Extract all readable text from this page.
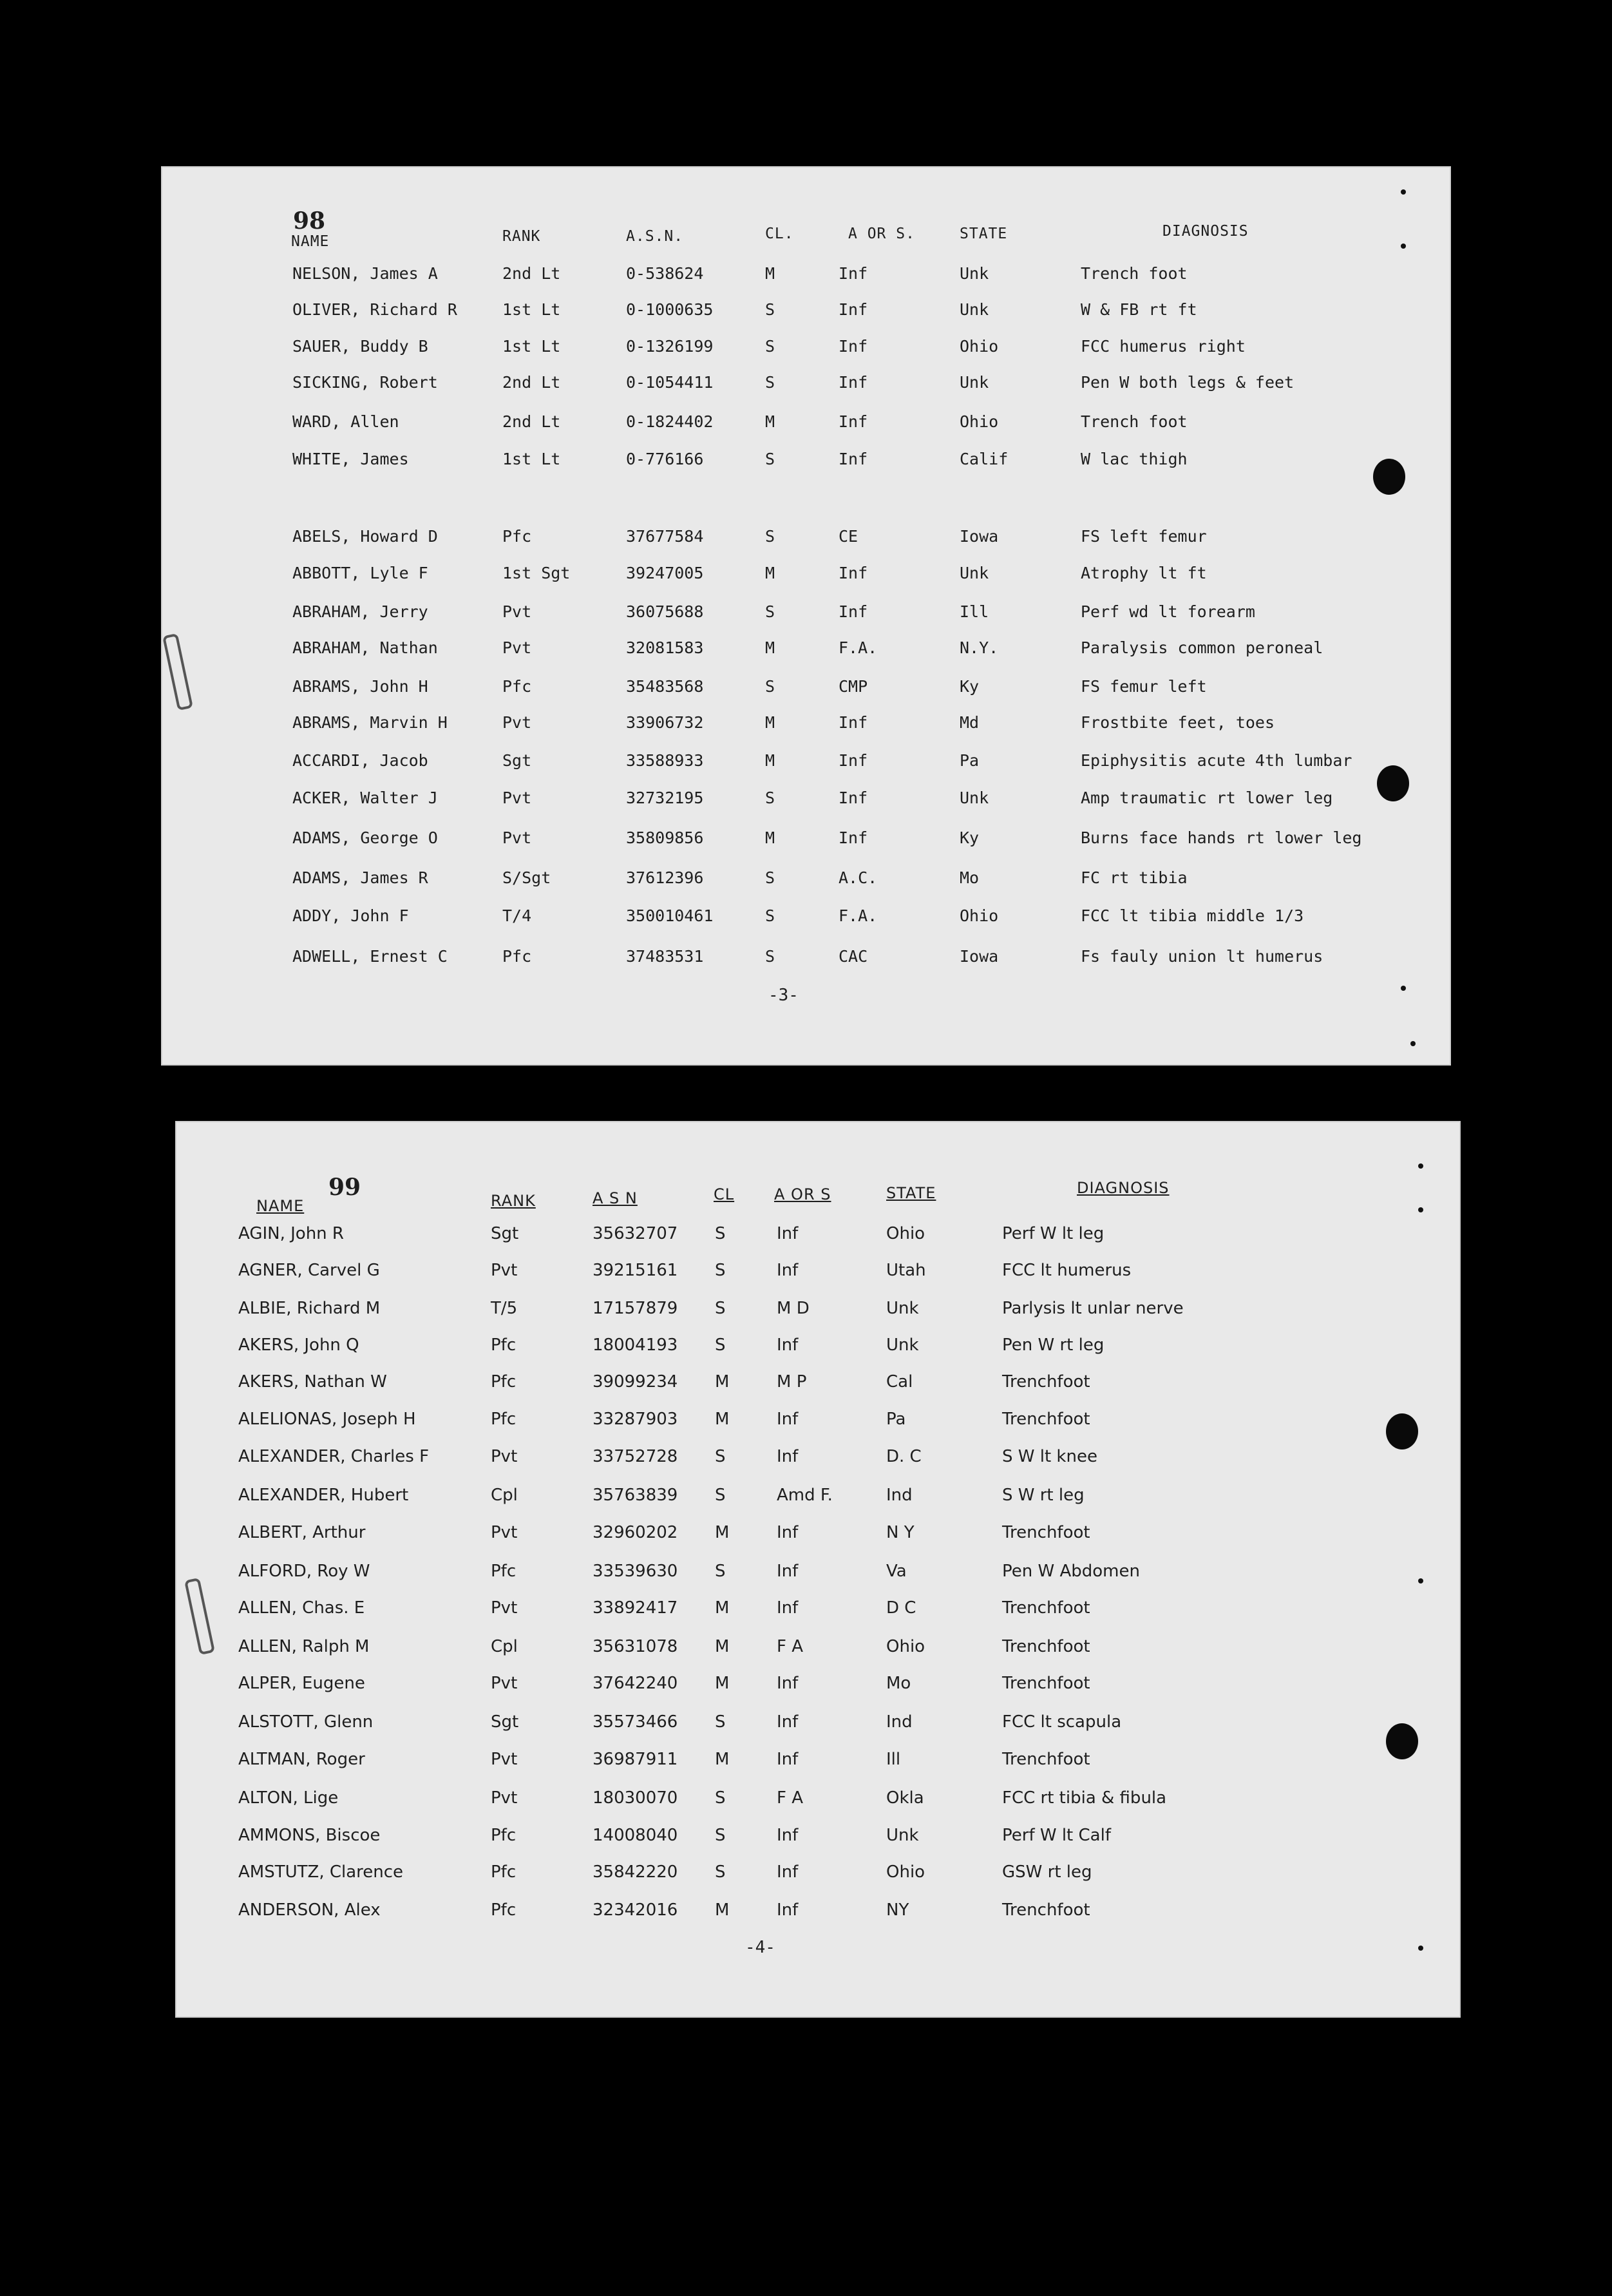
98
NAME	RANK	A.S.N.	CL.	A OR S.	STATE	DIAGNOSIS
NELSON, James A	2nd Lt	0-538624	M	Inf	Unk	Trench foot
OLIVER, Richard R	1st Lt	0-1000635	S	Inf	Unk	W & FB rt ft
SAUER, Buddy B	1st Lt	0-1326199	S	Inf	Ohio	FCC humerus right
SICKING, Robert	2nd Lt	0-1054411	S	Inf	Unk	Pen W both legs & feet
WARD, Allen	2nd Lt	0-1824402	M	Inf	Ohio	Trench foot
WHITE, James	1st Lt	0-776166	S	Inf	Calif	W lac thigh
ABELS, Howard D	Pfc	37677584	S	CE	Iowa	FS left femur
ABBOTT, Lyle F	1st Sgt	39247005	M	Inf	Unk	Atrophy lt ft
ABRAHAM, Jerry	Pvt	36075688	S	Inf	Ill	Perf wd lt forearm
ABRAHAM, Nathan	Pvt	32081583	M	F.A.	N.Y.	Paralysis common peroneal
ABRAMS, John H	Pfc	35483568	S	CMP	Ky	FS femur left
ABRAMS, Marvin H	Pvt	33906732	M	Inf	Md	Frostbite feet, toes
ACCARDI, Jacob	Sgt	33588933	M	Inf	Pa	Epiphysitis acute 4th lumbar
ACKER, Walter J	Pvt	32732195	S	Inf	Unk	Amp traumatic rt lower leg
ADAMS, George O	Pvt	35809856	M	Inf	Ky	Burns face hands rt lower leg
ADAMS, James R	S/Sgt	37612396	S	A.C.	Mo	FC rt tibia
ADDY, John F	T/4	350010461	S	F.A.	Ohio	FCC lt tibia middle 1/3
ADWELL, Ernest C	Pfc	37483531	S	CAC	Iowa	Fs fauly union lt humerus
-3-
99
NAME	RANK	A S N	CL	A OR S	STATE	DIAGNOSIS
AGIN, John R	Sgt	35632707 S	Inf	Ohio	Perf W lt leg
AGNER, Carvel G	Pvt	39215161 S	Inf	Utah	FCC lt humerus
ALBIE, Richard M	T/5	17157879 S	M D	Unk	Parlysis lt unlar nerve
AKERS, John Q	Pfc	18004193 S	Inf	Unk	Pen W rt leg
AKERS, Nathan W	Pfc	39099234 M	M P	Cal	Trenchfoot
ALELIONAS, Joseph H	Pfc	33287903 M	Inf	Pa	Trenchfoot
ALEXANDER, Charles F	Pvt	33752728 S	Inf	D. C	S W lt knee
ALEXANDER, Hubert	Cpl	35763839 S	Amd F.	Ind	S W rt leg
ALBERT, Arthur	Pvt	32960202 M	Inf	N Y	Trenchfoot
ALFORD, Roy W	Pfc	33539630 S	Inf	Va	Pen W Abdomen
ALLEN, Chas. E	Pvt	33892417 M	Inf	D C	Trenchfoot
ALLEN, Ralph M	Cpl	35631078 M	F A	Ohio	Trenchfoot
ALPER, Eugene	Pvt	37642240 M	Inf	Mo	Trenchfoot
ALSTOTT, Glenn	Sgt	35573466 S	Inf	Ind	FCC lt scapula
ALTMAN, Roger	Pvt	36987911 M	Inf	Ill	Trenchfoot
ALTON, Lige	Pvt	18030070 S	F A	Okla	FCC rt tibia & fibula
AMMONS, Biscoe	Pfc	14008040 S	Inf	Unk	Perf W lt Calf
AMSTUTZ, Clarence	Pfc	35842220 S	Inf	Ohio	GSW rt leg
ANDERSON, Alex	Pfc	32342016 M	Inf	NY	Trenchfoot
-4-
